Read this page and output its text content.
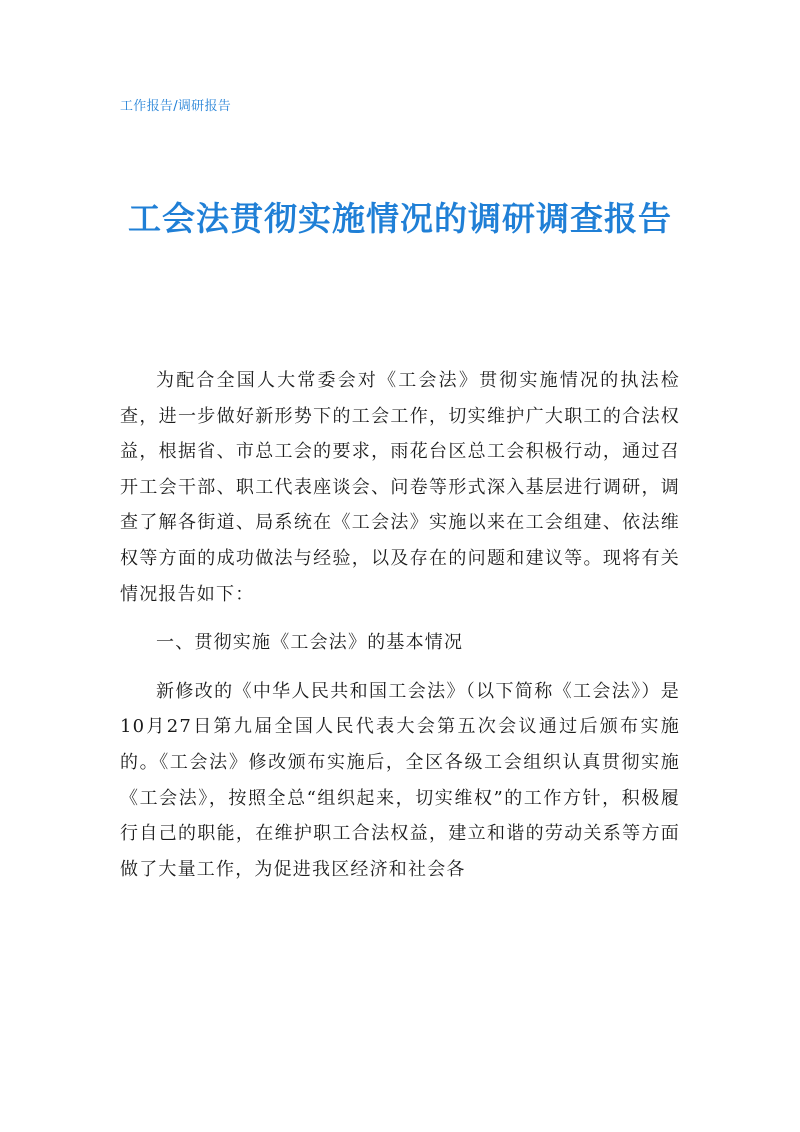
工作报告/调研报告
工会法贯彻实施情况的调研调查报告

为配合全国人大常委会对《工会法》贯彻实施情况的执法检查，进一步做好新形势下的工会工作，切实维护广大职工的合法权益，根据省、市总工会的要求，雨花台区总工会积极行动，通过召开工会干部、职工代表座谈会、问卷等形式深入基层进行调研，调查了解各街道、局系统在《工会法》实施以来在工会组建、依法维权等方面的成功做法与经验，以及存在的问题和建议等。现将有关情况报告如下：

一、贯彻实施《工会法》的基本情况

新修改的《中华人民共和国工会法》（以下简称《工会法》）是10月27日第九届全国人民代表大会第五次会议通过后颁布实施的。《工会法》修改颁布实施后，全区各级工会组织认真贯彻实施《工会法》，按照全总“组织起来，切实维权”的工作方针，积极履行自己的职能，在维护职工合法权益，建立和谐的劳动关系等方面做了大量工作，为促进我区经济和社会各
